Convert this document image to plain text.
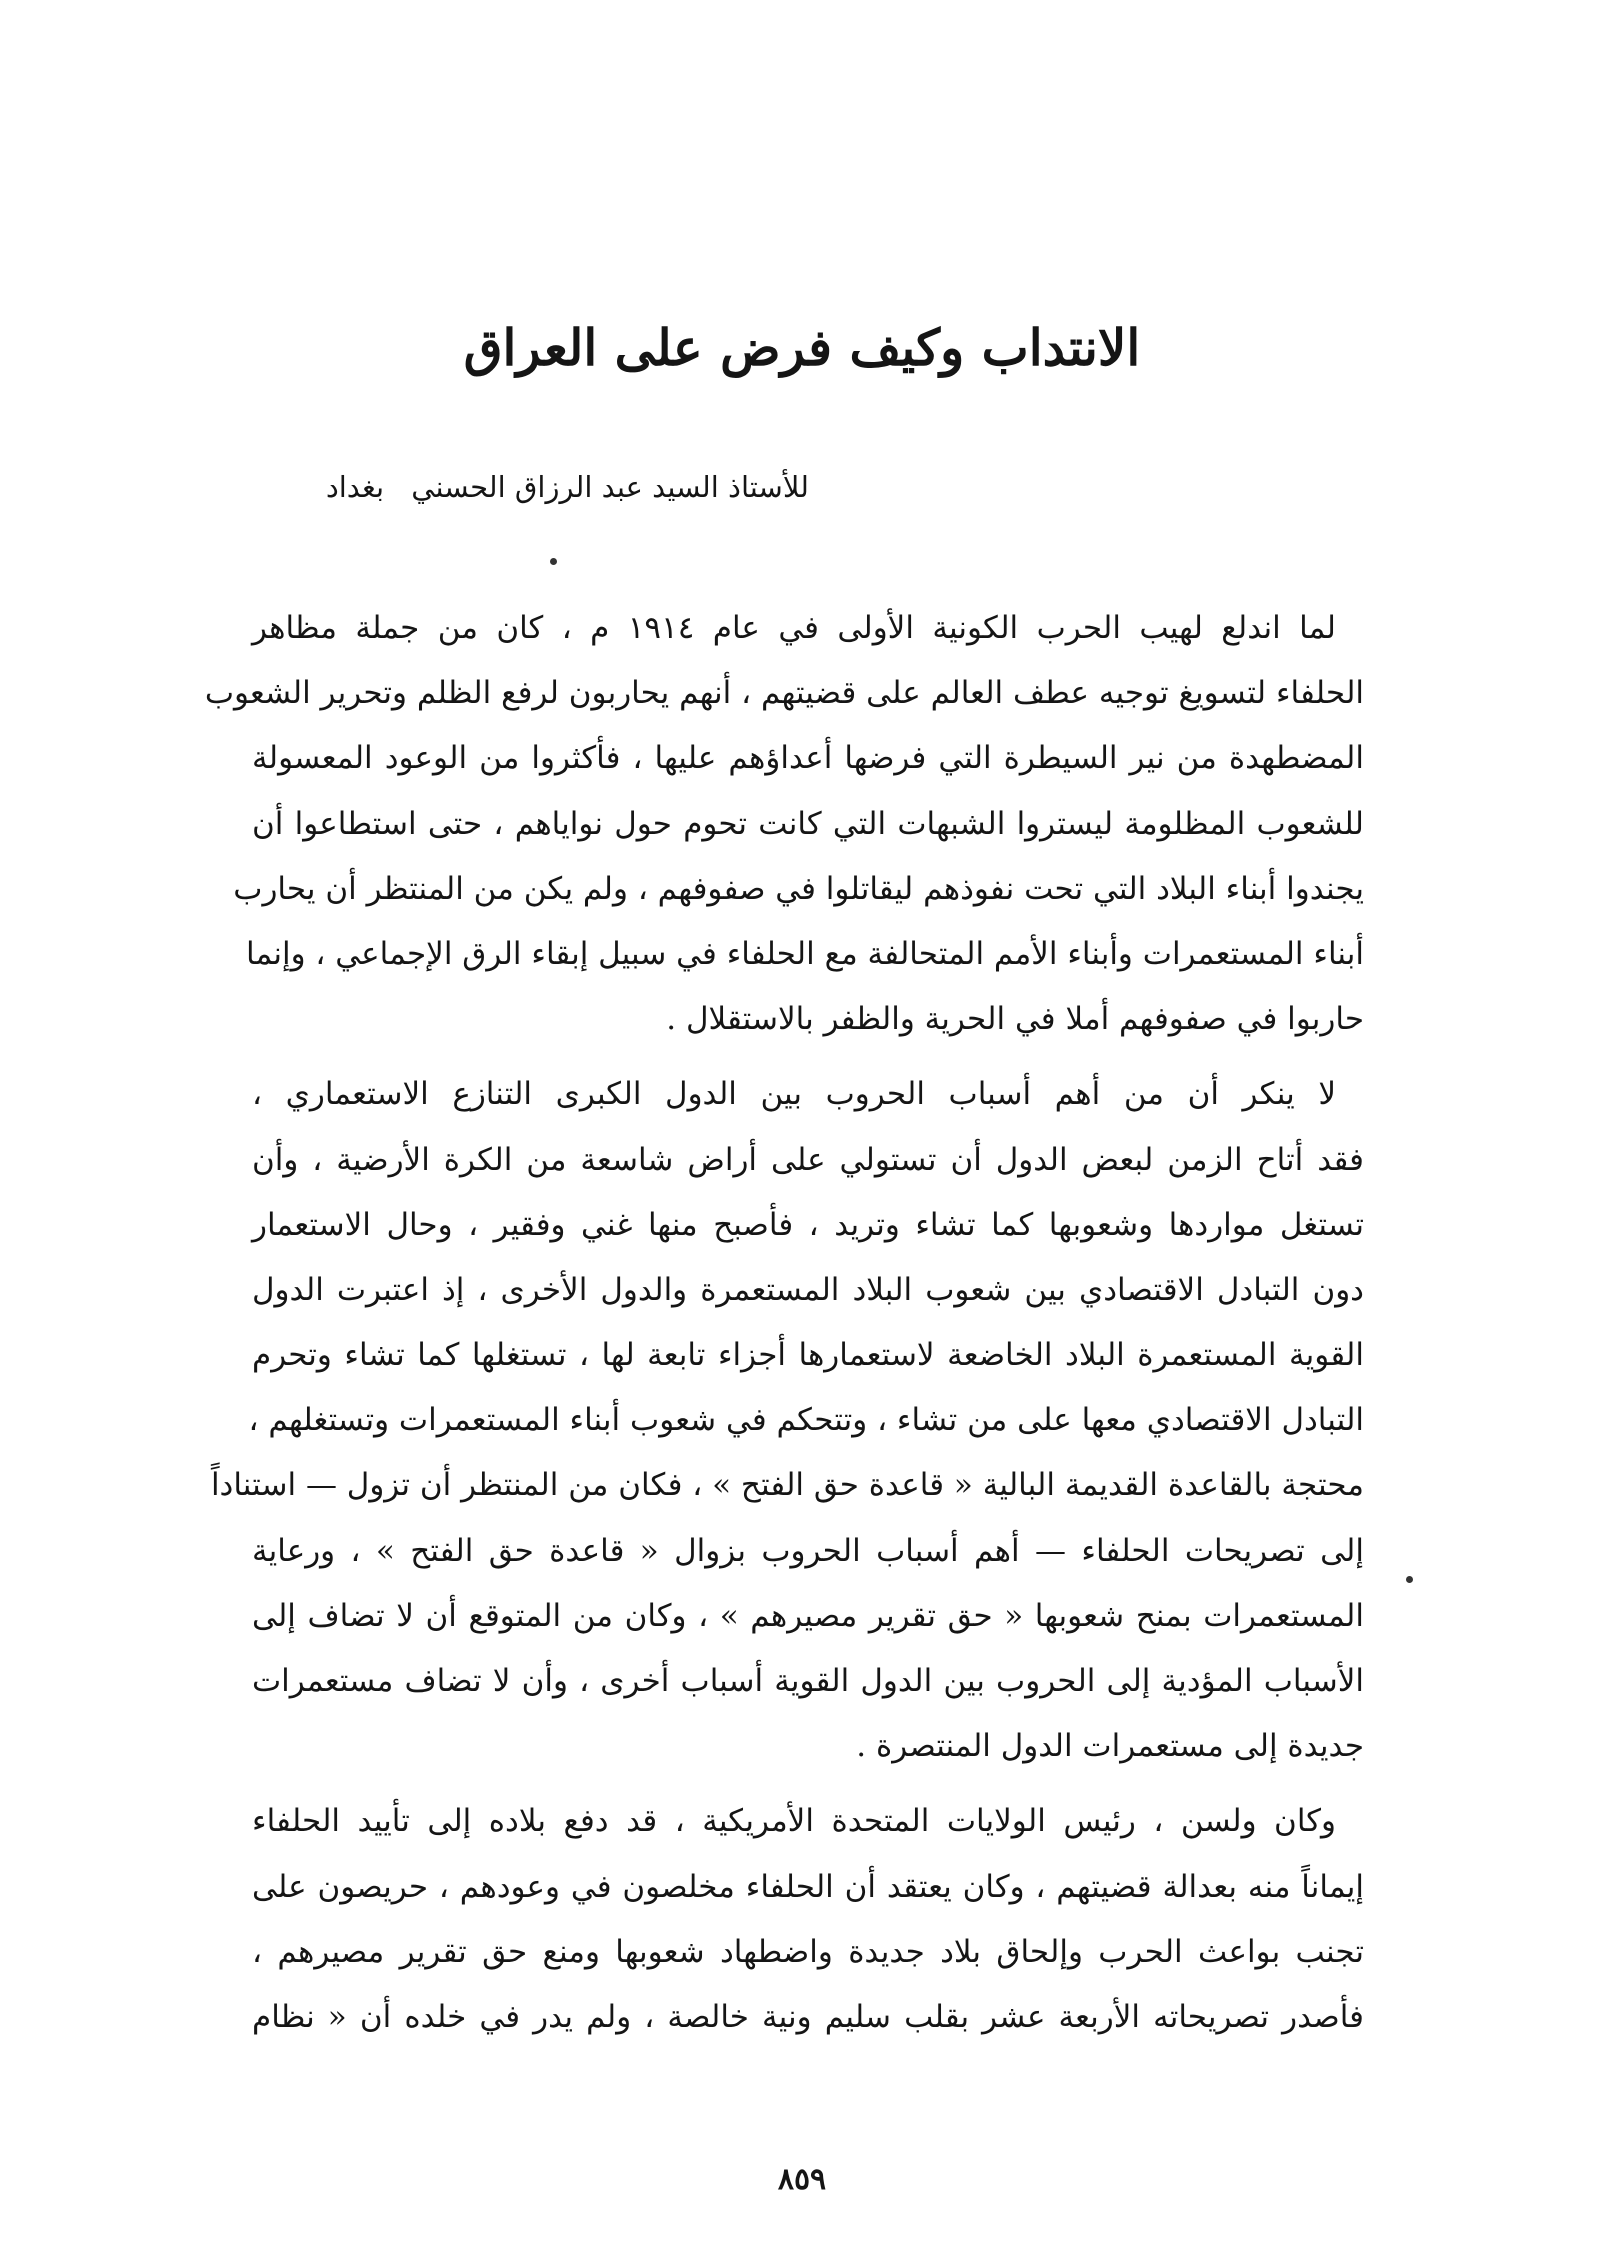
الانتداب وكيف فرض على العراق
للأستاذ السيد عبد الرزاق الحسني بغداد
لما اندلع لهيب الحرب الكونية الأولى في عام ١٩١٤ م ، كان من جملة مظاهر
الحلفاء لتسويغ توجيه عطف العالم على قضيتهم ، أنهم يحاربون لرفع الظلم وتحرير الشعوب
المضطهدة من نير السيطرة التي فرضها أعداؤهم عليها ، فأكثروا من الوعود المعسولة
للشعوب المظلومة ليستروا الشبهات التي كانت تحوم حول نواياهم ، حتى استطاعوا أن
يجندوا أبناء البلاد التي تحت نفوذهم ليقاتلوا في صفوفهم ، ولم يكن من المنتظر أن يحارب
أبناء المستعمرات وأبناء الأمم المتحالفة مع الحلفاء في سبيل إبقاء الرق الإجماعي ، وإنما
حاربوا في صفوفهم أملا في الحرية والظفر بالاستقلال .
لا ينكر أن من أهم أسباب الحروب بين الدول الكبرى التنازع الاستعماري ،
فقد أتاح الزمن لبعض الدول أن تستولي على أراض شاسعة من الكرة الأرضية ، وأن
تستغل مواردها وشعوبها كما تشاء وتريد ، فأصبح منها غني وفقير ، وحال الاستعمار
دون التبادل الاقتصادي بين شعوب البلاد المستعمرة والدول الأخرى ، إذ اعتبرت الدول
القوية المستعمرة البلاد الخاضعة لاستعمارها أجزاء تابعة لها ، تستغلها كما تشاء وتحرم
التبادل الاقتصادي معها على من تشاء ، وتتحكم في شعوب أبناء المستعمرات وتستغلهم ،
محتجة بالقاعدة القديمة البالية « قاعدة حق الفتح » ، فكان من المنتظر أن تزول — استناداً
إلى تصريحات الحلفاء — أهم أسباب الحروب بزوال « قاعدة حق الفتح » ، ورعاية
المستعمرات بمنح شعوبها « حق تقرير مصيرهم » ، وكان من المتوقع أن لا تضاف إلى
الأسباب المؤدية إلى الحروب بين الدول القوية أسباب أخرى ، وأن لا تضاف مستعمرات
جديدة إلى مستعمرات الدول المنتصرة .
وكان ولسن ، رئيس الولايات المتحدة الأمريكية ، قد دفع بلاده إلى تأييد الحلفاء
إيماناً منه بعدالة قضيتهم ، وكان يعتقد أن الحلفاء مخلصون في وعودهم ، حريصون على
تجنب بواعث الحرب وإلحاق بلاد جديدة واضطهاد شعوبها ومنع حق تقرير مصيرهم ،
فأصدر تصريحاته الأربعة عشر بقلب سليم ونية خالصة ، ولم يدر في خلده أن « نظام
٨٥٩
